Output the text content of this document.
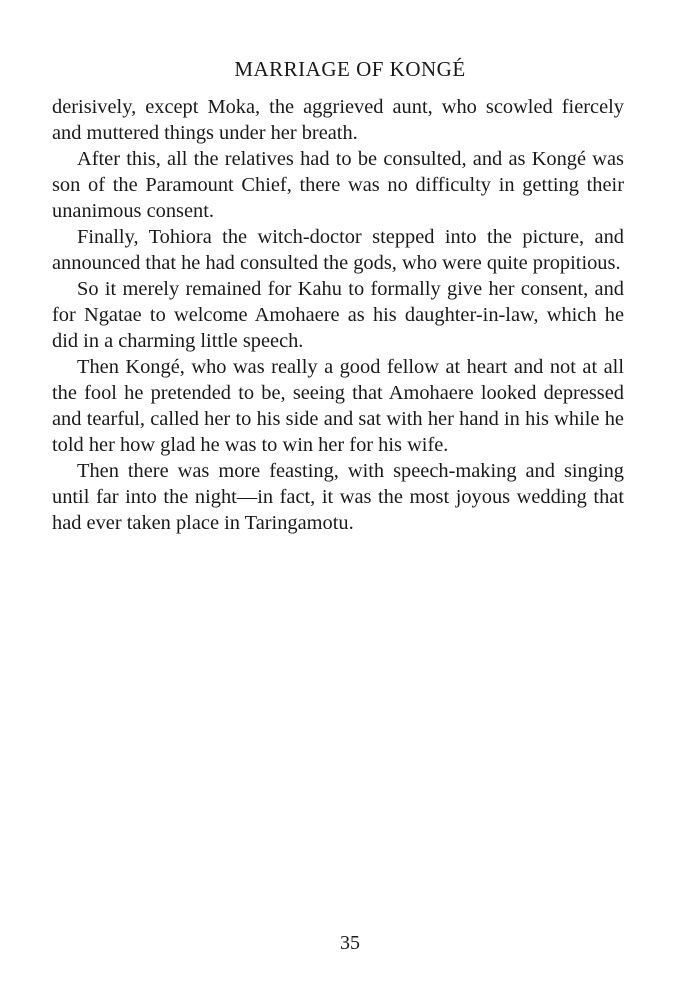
MARRIAGE OF KONGÉ

derisively, except Moka, the aggrieved aunt, who scowled fiercely and muttered things under her breath.

After this, all the relatives had to be consulted, and as Kongé was son of the Paramount Chief, there was no difficulty in getting their unanimous consent.

Finally, Tohiora the witch-doctor stepped into the picture, and announced that he had consulted the gods, who were quite propitious.

So it merely remained for Kahu to formally give her consent, and for Ngatae to welcome Amohaere as his daughter-in-law, which he did in a charming little speech.

Then Kongé, who was really a good fellow at heart and not at all the fool he pretended to be, seeing that Amohaere looked depressed and tearful, called her to his side and sat with her hand in his while he told her how glad he was to win her for his wife.

Then there was more feasting, with speech-making and singing until far into the night—in fact, it was the most joyous wedding that had ever taken place in Taringamotu.

35
